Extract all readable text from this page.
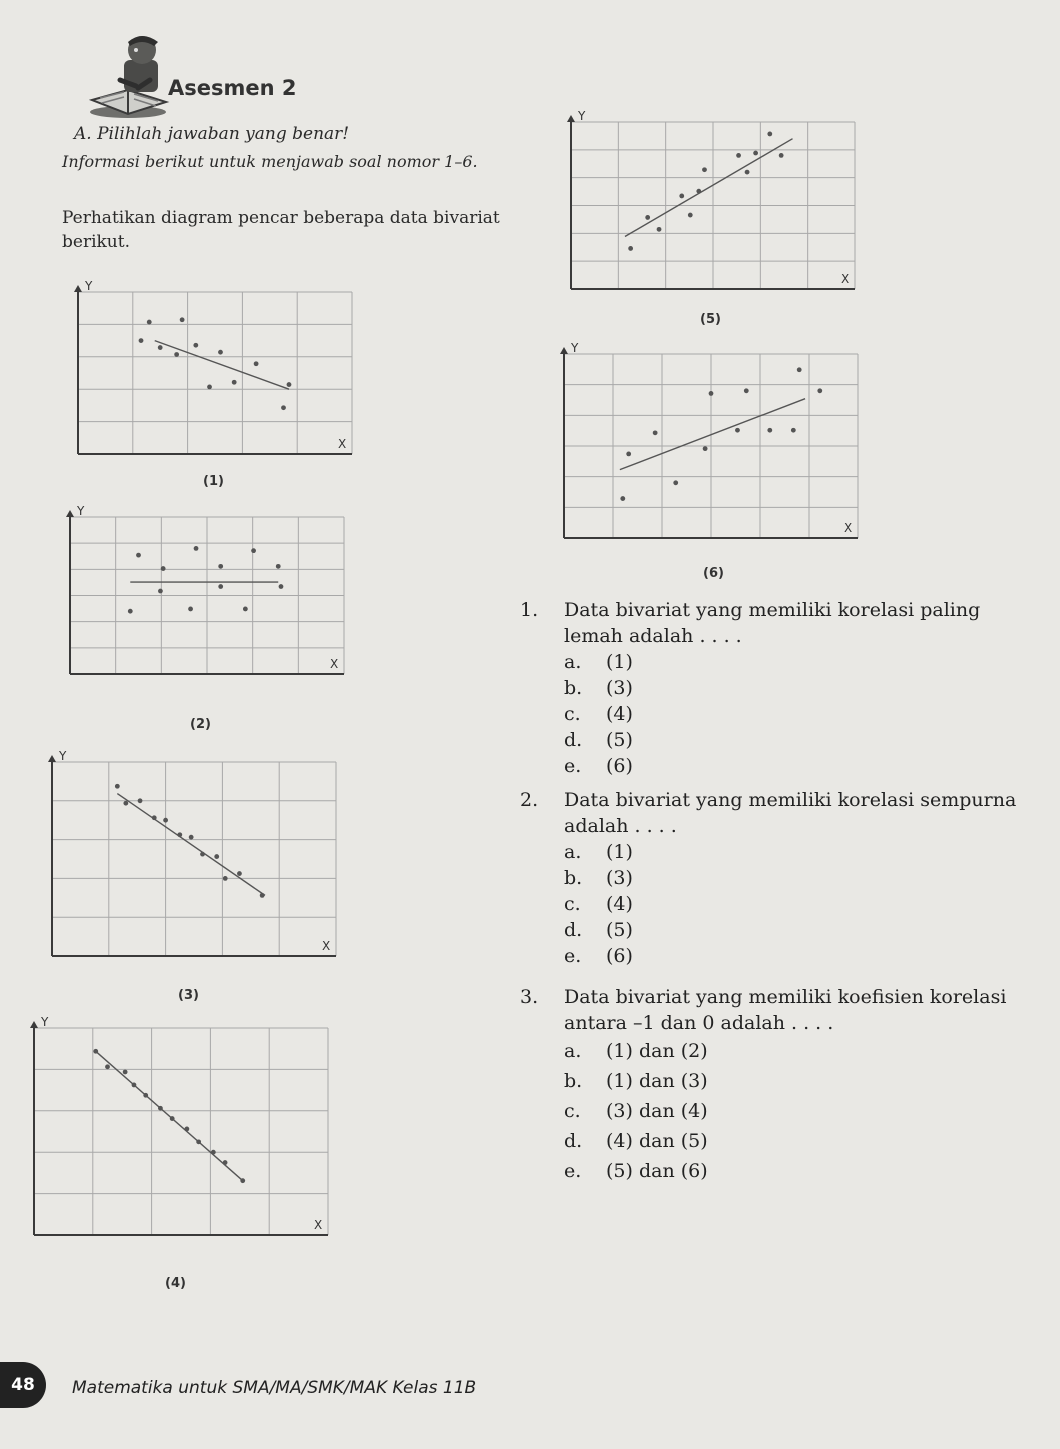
Asesmen 2
A. Pilihlah jawaban yang benar!
Informasi berikut untuk menjawab soal nomor 1–6.
Perhatikan diagram pencar beberapa data bivariat berikut.
Y
X
(1)
Y
X
(2)
Y
X
(3)
Y
X
(4)
Y
X
(5)
Y
X
(6)
1. Data bivariat yang memiliki korelasi paling lemah adalah . . . .
a. (1)
b. (3)
c. (4)
d. (5)
e. (6)
2. Data bivariat yang memiliki korelasi sempurna adalah . . . .
a. (1)
b. (3)
c. (4)
d. (5)
e. (6)
3. Data bivariat yang memiliki koefisien korelasi antara –1 dan 0 adalah . . . .
a. (1) dan (2)
b. (1) dan (3)
c. (3) dan (4)
d. (4) dan (5)
e. (5) dan (6)
48	Matematika untuk SMA/MA/SMK/MAK Kelas 11B
